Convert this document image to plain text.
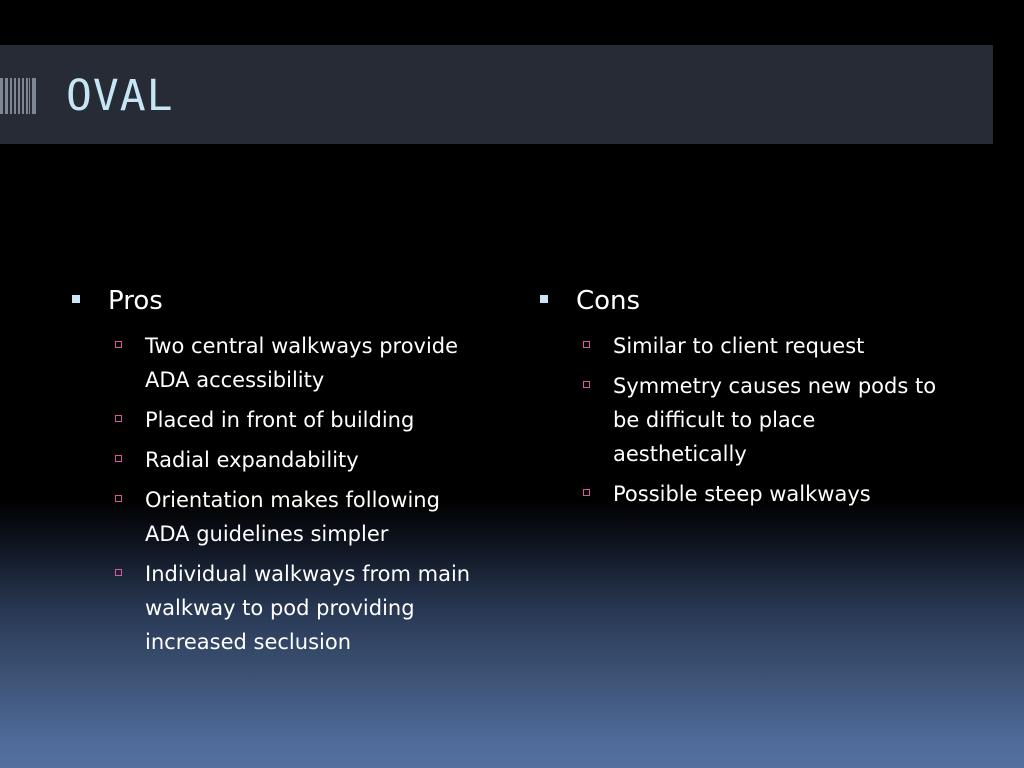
OVAL
Pros
Two central walkways provide ADA accessibility
Placed in front of building
Radial expandability
Orientation makes following ADA guidelines simpler
Individual walkways from main walkway to pod providing increased seclusion
Cons
Similar to client request
Symmetry causes new pods to be difficult to place aesthetically
Possible steep walkways
